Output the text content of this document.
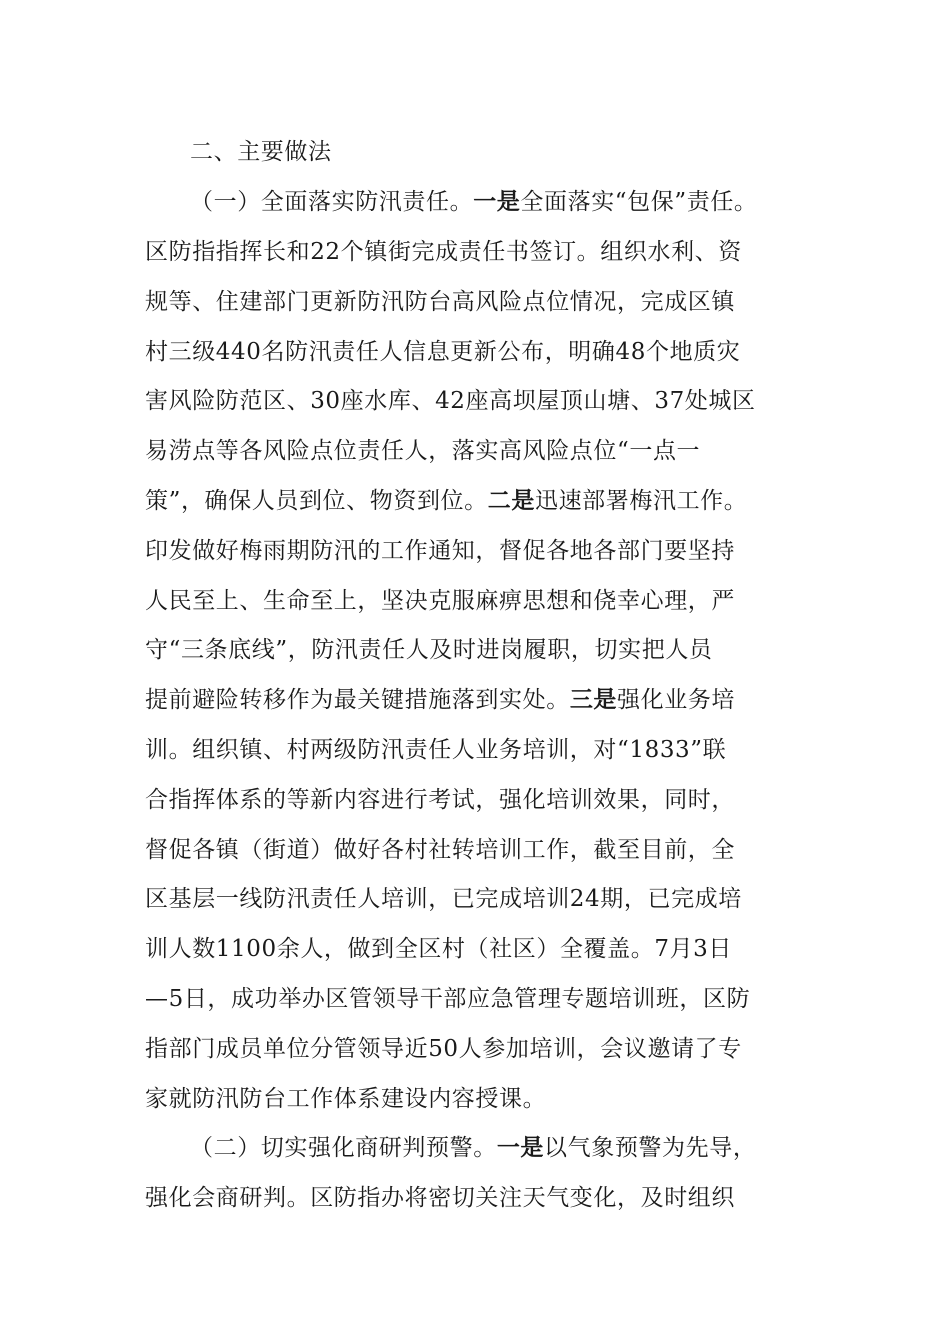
二、主要做法
（一）全面落实防汛责任。一是全面落实“包保”责任。
区防指指挥长和22个镇街完成责任书签订。组织水利、资
规等、住建部门更新防汛防台高风险点位情况，完成区镇
村三级440名防汛责任人信息更新公布，明确48个地质灾
害风险防范区、30座水库、42座高坝屋顶山塘、37处城区
易涝点等各风险点位责任人，落实高风险点位“一点一
策”，确保人员到位、物资到位。二是迅速部署梅汛工作。
印发做好梅雨期防汛的工作通知，督促各地各部门要坚持
人民至上、生命至上，坚决克服麻痹思想和侥幸心理，严
守“三条底线”，防汛责任人及时进岗履职，切实把人员
提前避险转移作为最关键措施落到实处。三是强化业务培
训。组织镇、村两级防汛责任人业务培训，对“1833”联
合指挥体系的等新内容进行考试，强化培训效果，同时，
督促各镇（街道）做好各村社转培训工作，截至目前，全
区基层一线防汛责任人培训，已完成培训24期，已完成培
训人数1100余人，做到全区村（社区）全覆盖。7月3日
—5日，成功举办区管领导干部应急管理专题培训班，区防
指部门成员单位分管领导近50人参加培训，会议邀请了专
家就防汛防台工作体系建设内容授课。
（二）切实强化商研判预警。一是以气象预警为先导，
强化会商研判。区防指办将密切关注天气变化，及时组织
